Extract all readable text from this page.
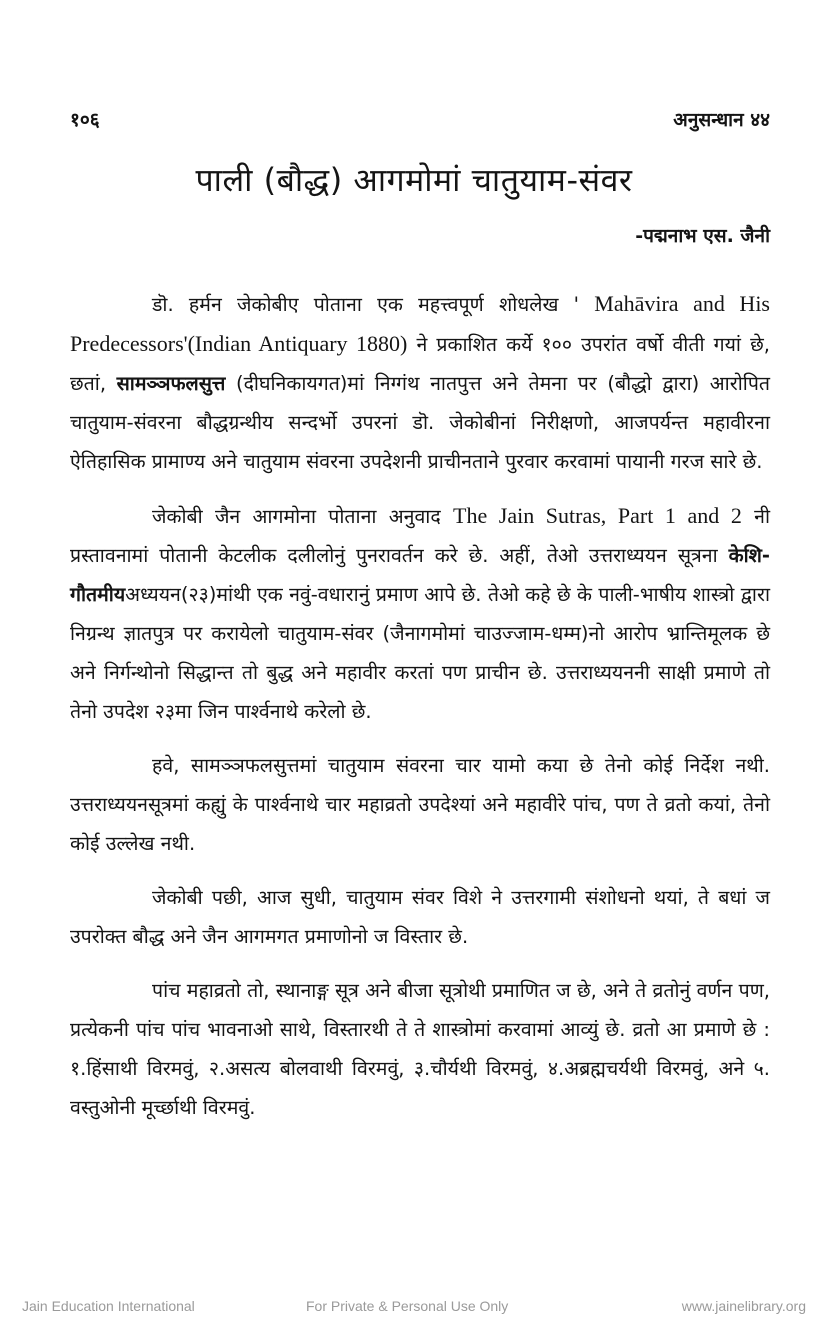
१०६	अनुसन्धान ४४
पाली (बौद्ध) आगमोमां चातुयाम-संवर
-पद्मनाभ एस. जैनी

डॊ. हर्मन जेकोबीए पोताना एक महत्त्वपूर्ण शोधलेख ' Mahāvira and His Predecessors'(Indian Antiquary 1880) ने प्रकाशित कर्ये १०० उपरांत वर्षो वीती गयां छे, छतां, सामञ्ञफलसुत्त (दीघनिकायगत)मां निग्गंथ नातपुत्त अने तेमना पर (बौद्धो द्वारा) आरोपित चातुयाम-संवरना बौद्धग्रन्थीय सन्दर्भो उपरनां डॊ. जेकोबीनां निरीक्षणो, आजपर्यन्त महावीरना ऐतिहासिक प्रामाण्य अने चातुयाम संवरना उपदेशनी प्राचीनताने पुरवार करवामां पायानी गरज सारे छे.

जेकोबी जैन आगमोना पोताना अनुवाद The Jain Sutras, Part 1 and 2 नी प्रस्तावनामां पोतानी केटलीक दलीलोनुं पुनरावर्तन करे छे. अहीं, तेओ उत्तराध्ययन सूत्रना केशि-गौतमीयअध्ययन(२३)मांथी एक नवुं-वधारानुं प्रमाण आपे छे. तेओ कहे छे के पाली-भाषीय शास्त्रो द्वारा निग्रन्थ ज्ञातपुत्र पर करायेलो चातुयाम-संवर (जैनागमोमां चाउज्जाम-धम्म)नो आरोप भ्रान्तिमूलक छे अने निर्गन्थोनो सिद्धान्त तो बुद्ध अने महावीर करतां पण प्राचीन छे. उत्तराध्ययननी साक्षी प्रमाणे तो तेनो उपदेश २३मा जिन पार्श्वनाथे करेलो छे.

हवे, सामञ्ञफलसुत्तमां चातुयाम संवरना चार यामो कया छे तेनो कोई निर्देश नथी. उत्तराध्ययनसूत्रमां कह्युं के पार्श्वनाथे चार महाव्रतो उपदेश्यां अने महावीरे पांच, पण ते व्रतो कयां, तेनो कोई उल्लेख नथी.

जेकोबी पछी, आज सुधी, चातुयाम संवर विशे ने उत्तरगामी संशोधनो थयां, ते बधां ज उपरोक्त बौद्ध अने जैन आगमगत प्रमाणोनो ज विस्तार छे.

पांच महाव्रतो तो, स्थानाङ्ग सूत्र अने बीजा सूत्रोथी प्रमाणित ज छे, अने ते व्रतोनुं वर्णन पण, प्रत्येकनी पांच पांच भावनाओ साथे, विस्तारथी ते ते शास्त्रोमां करवामां आव्युं छे. व्रतो आ प्रमाणे छे : १.हिंसाथी विरमवुं, २.असत्य बोलवाथी विरमवुं, ३.चौर्यथी विरमवुं, ४.अब्रह्मचर्यथी विरमवुं, अने ५. वस्तुओनी मूर्च्छाथी विरमवुं.

Jain Education International	For Private & Personal Use Only	www.jainelibrary.org
